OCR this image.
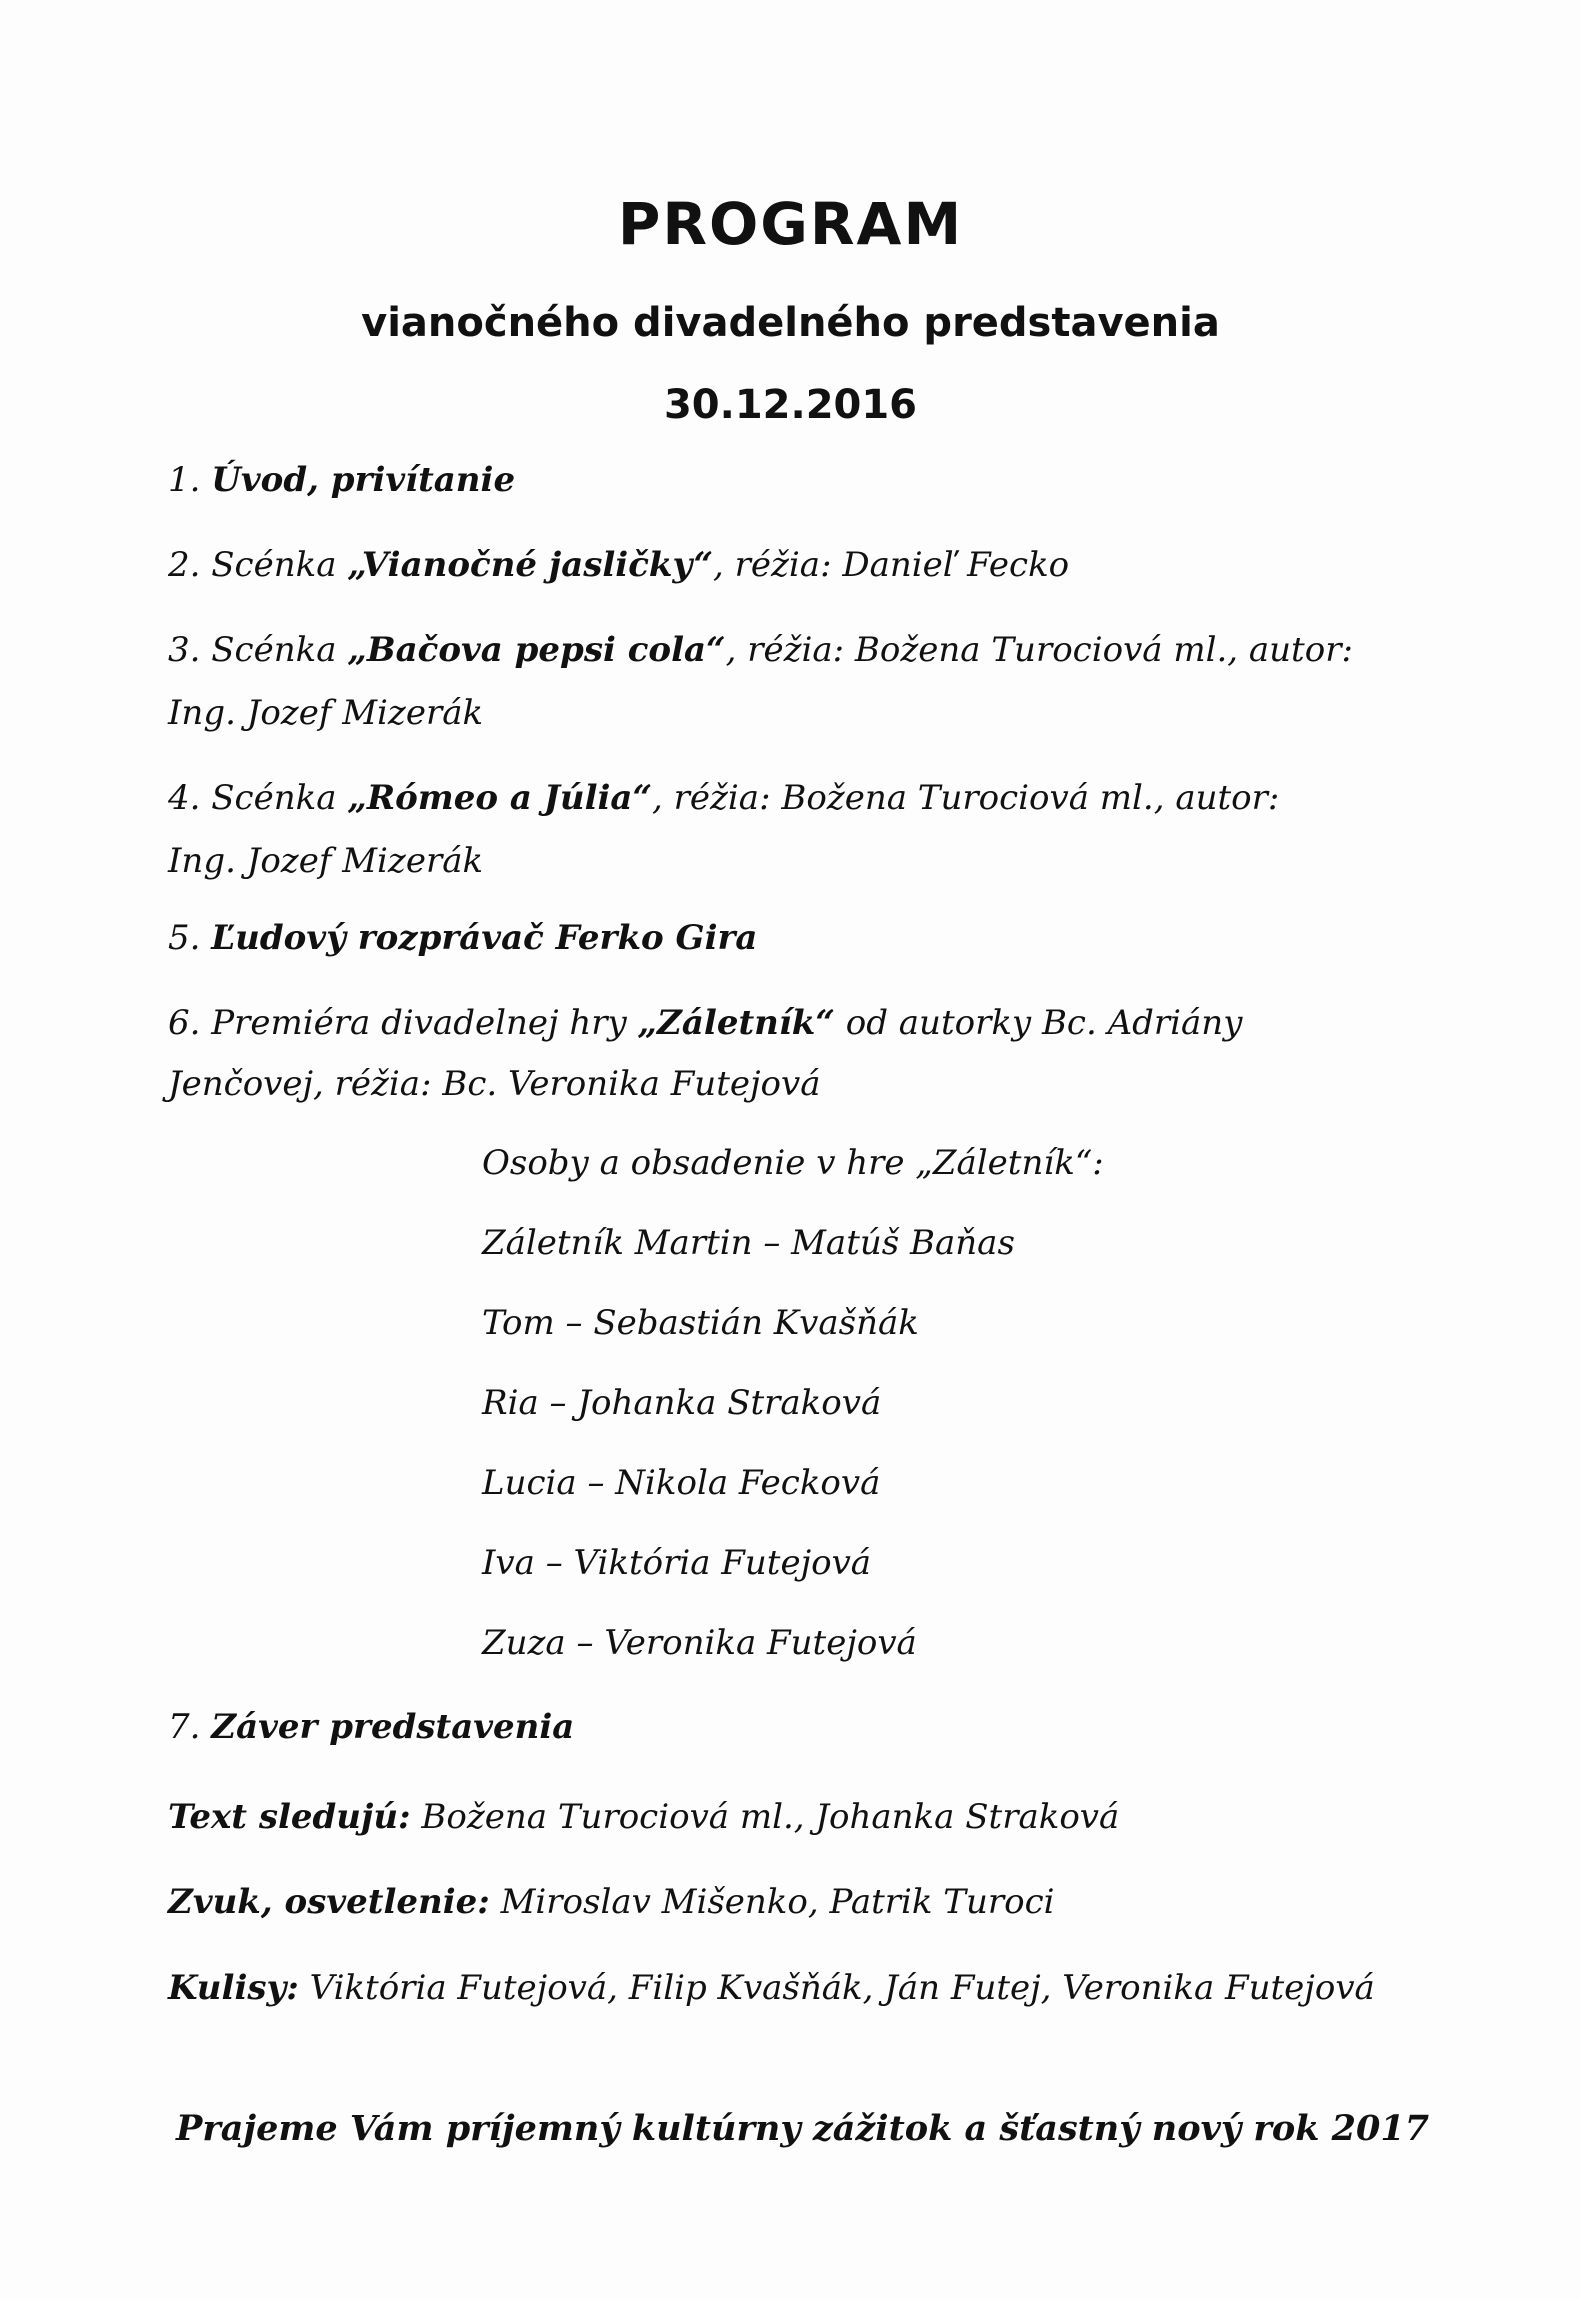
PROGRAM
vianočného divadelného predstavenia
30.12.2016
1. Úvod, privítanie
2. Scénka „Vianočné jasličky“, réžia: Danieľ Fecko
3. Scénka „Bačova pepsi cola“, réžia: Božena Turociová ml., autor:
Ing. Jozef Mizerák
4. Scénka „Rómeo a Júlia“, réžia: Božena Turociová ml., autor:
Ing. Jozef Mizerák
5. Ľudový rozprávač Ferko Gira
6. Premiéra divadelnej hry „Záletník“ od autorky Bc. Adriány
Jenčovej, réžia: Bc. Veronika Futejová
Osoby a obsadenie v hre „Záletník“:
Záletník Martin – Matúš Baňas
Tom – Sebastián Kvašňák
Ria – Johanka Straková
Lucia – Nikola Fecková
Iva – Viktória Futejová
Zuza – Veronika Futejová
7. Záver predstavenia
Text sledujú: Božena Turociová ml., Johanka Straková
Zvuk, osvetlenie: Miroslav Mišenko, Patrik Turoci
Kulisy: Viktória Futejová, Filip Kvašňák, Ján Futej, Veronika Futejová
Prajeme Vám príjemný kultúrny zážitok a šťastný nový rok 2017
